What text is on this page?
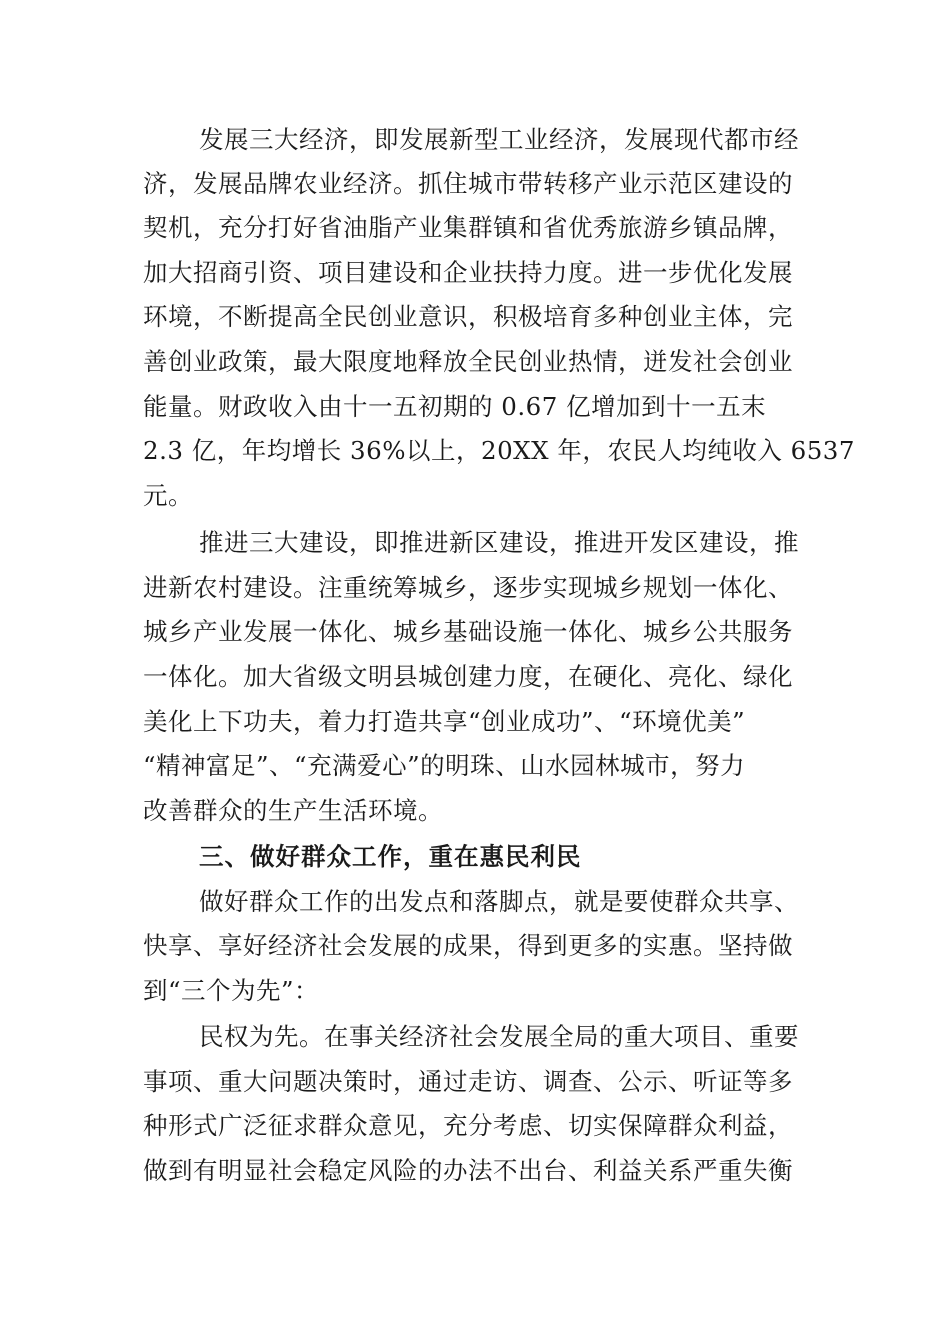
发展三大经济，即发展新型工业经济，发展现代都市经
济，发展品牌农业经济。抓住城市带转移产业示范区建设的
契机，充分打好省油脂产业集群镇和省优秀旅游乡镇品牌，
加大招商引资、项目建设和企业扶持力度。进一步优化发展
环境，不断提高全民创业意识，积极培育多种创业主体，完
善创业政策，最大限度地释放全民创业热情，迸发社会创业
能量。财政收入由十一五初期的 0.67 亿增加到十一五末
2.3 亿，年均增长 36%以上，20XX 年，农民人均纯收入 6537
元。
推进三大建设，即推进新区建设，推进开发区建设，推
进新农村建设。注重统筹城乡，逐步实现城乡规划一体化、
城乡产业发展一体化、城乡基础设施一体化、城乡公共服务
一体化。加大省级文明县城创建力度，在硬化、亮化、绿化
美化上下功夫，着力打造共享“创业成功”、“环境优美”
“精神富足”、“充满爱心”的明珠、山水园林城市，努力
改善群众的生产生活环境。
三、做好群众工作，重在惠民利民
做好群众工作的出发点和落脚点，就是要使群众共享、
快享、享好经济社会发展的成果，得到更多的实惠。坚持做
到“三个为先”：
民权为先。在事关经济社会发展全局的重大项目、重要
事项、重大问题决策时，通过走访、调查、公示、听证等多
种形式广泛征求群众意见，充分考虑、切实保障群众利益，
做到有明显社会稳定风险的办法不出台、利益关系严重失衡
